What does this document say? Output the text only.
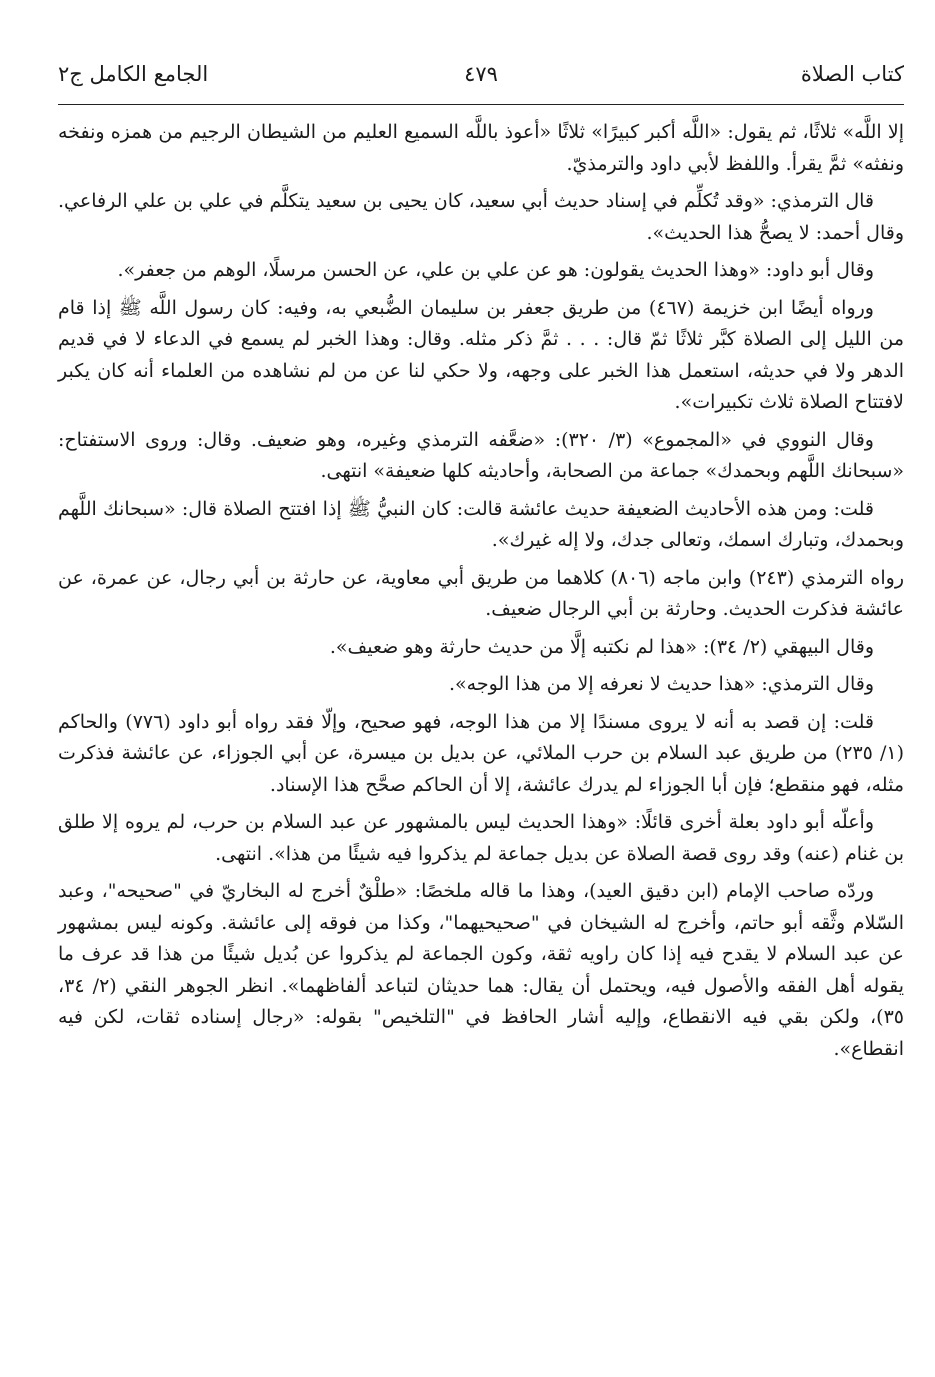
كتاب الصلاة
٤٧٩
الجامع الكامل ج٢

إلا اللَّه» ثلاثًا، ثم يقول: «اللَّه أكبر كبيرًا» ثلاثًا «أعوذ باللَّه السميع العليم من الشيطان الرجيم من همزه ونفخه ونفثه» ثمَّ يقرأ. واللفظ لأبي داود والترمذيّ.

قال الترمذي: «وقد تُكلِّم في إسناد حديث أبي سعيد، كان يحيى بن سعيد يتكلَّم في علي بن علي الرفاعي. وقال أحمد: لا يصحُّ هذا الحديث».

وقال أبو داود: «وهذا الحديث يقولون: هو عن علي بن علي، عن الحسن مرسلًا، الوهم من جعفر».

ورواه أيضًا ابن خزيمة (٤٦٧) من طريق جعفر بن سليمان الضُّبعي به، وفيه: كان رسول اللَّه ﷺ إذا قام من الليل إلى الصلاة كبَّر ثلاثًا ثمّ قال: . . . ثمَّ ذكر مثله. وقال: وهذا الخبر لم يسمع في الدعاء لا في قديم الدهر ولا في حديثه، استعمل هذا الخبر على وجهه، ولا حكي لنا عن من لم نشاهده من العلماء أنه كان يكبر لافتتاح الصلاة ثلاث تكبيرات».

وقال النووي في «المجموع» (٣/ ٣٢٠): «ضعَّفه الترمذي وغيره، وهو ضعيف. وقال: وروى الاستفتاح: «سبحانك اللَّهم وبحمدك» جماعة من الصحابة، وأحاديثه كلها ضعيفة» انتهى.

قلت: ومن هذه الأحاديث الضعيفة حديث عائشة قالت: كان النبيُّ ﷺ إذا افتتح الصلاة قال: «سبحانك اللَّهم وبحمدك، وتبارك اسمك، وتعالى جدك، ولا إله غيرك».

رواه الترمذي (٢٤٣) وابن ماجه (٨٠٦) كلاهما من طريق أبي معاوية، عن حارثة بن أبي رجال، عن عمرة، عن عائشة فذكرت الحديث. وحارثة بن أبي الرجال ضعيف.

وقال البيهقي (٢/ ٣٤): «هذا لم نكتبه إلَّا من حديث حارثة وهو ضعيف».

وقال الترمذي: «هذا حديث لا نعرفه إلا من هذا الوجه».

قلت: إن قصد به أنه لا يروى مسندًا إلا من هذا الوجه، فهو صحيح، وإلّا فقد رواه أبو داود (٧٧٦) والحاكم (١/ ٢٣٥) من طريق عبد السلام بن حرب الملائي، عن بديل بن ميسرة، عن أبي الجوزاء، عن عائشة فذكرت مثله، فهو منقطع؛ فإن أبا الجوزاء لم يدرك عائشة، إلا أن الحاكم صحَّح هذا الإسناد.

وأعلّه أبو داود بعلة أخرى قائلًا: «وهذا الحديث ليس بالمشهور عن عبد السلام بن حرب، لم يروه إلا طلق بن غنام (عنه) وقد روى قصة الصلاة عن بديل جماعة لم يذكروا فيه شيئًا من هذا». انتهى.

وردّه صاحب الإمام (ابن دقيق العيد)، وهذا ما قاله ملخصًا: «طلْقٌ أخرج له البخاريّ في "صحيحه"، وعبد السّلام وثَّقه أبو حاتم، وأخرج له الشيخان في "صحيحيهما"، وكذا من فوقه إلى عائشة. وكونه ليس بمشهور عن عبد السلام لا يقدح فيه إذا كان راويه ثقة، وكون الجماعة لم يذكروا عن بُديل شيئًا من هذا قد عرف ما يقوله أهل الفقه والأصول فيه، ويحتمل أن يقال: هما حديثان لتباعد ألفاظهما». انظر الجوهر النقي (٢/ ٣٤، ٣٥)، ولكن بقي فيه الانقطاع، وإليه أشار الحافظ في "التلخيص" بقوله: «رجال إسناده ثقات، لكن فيه انقطاع».
